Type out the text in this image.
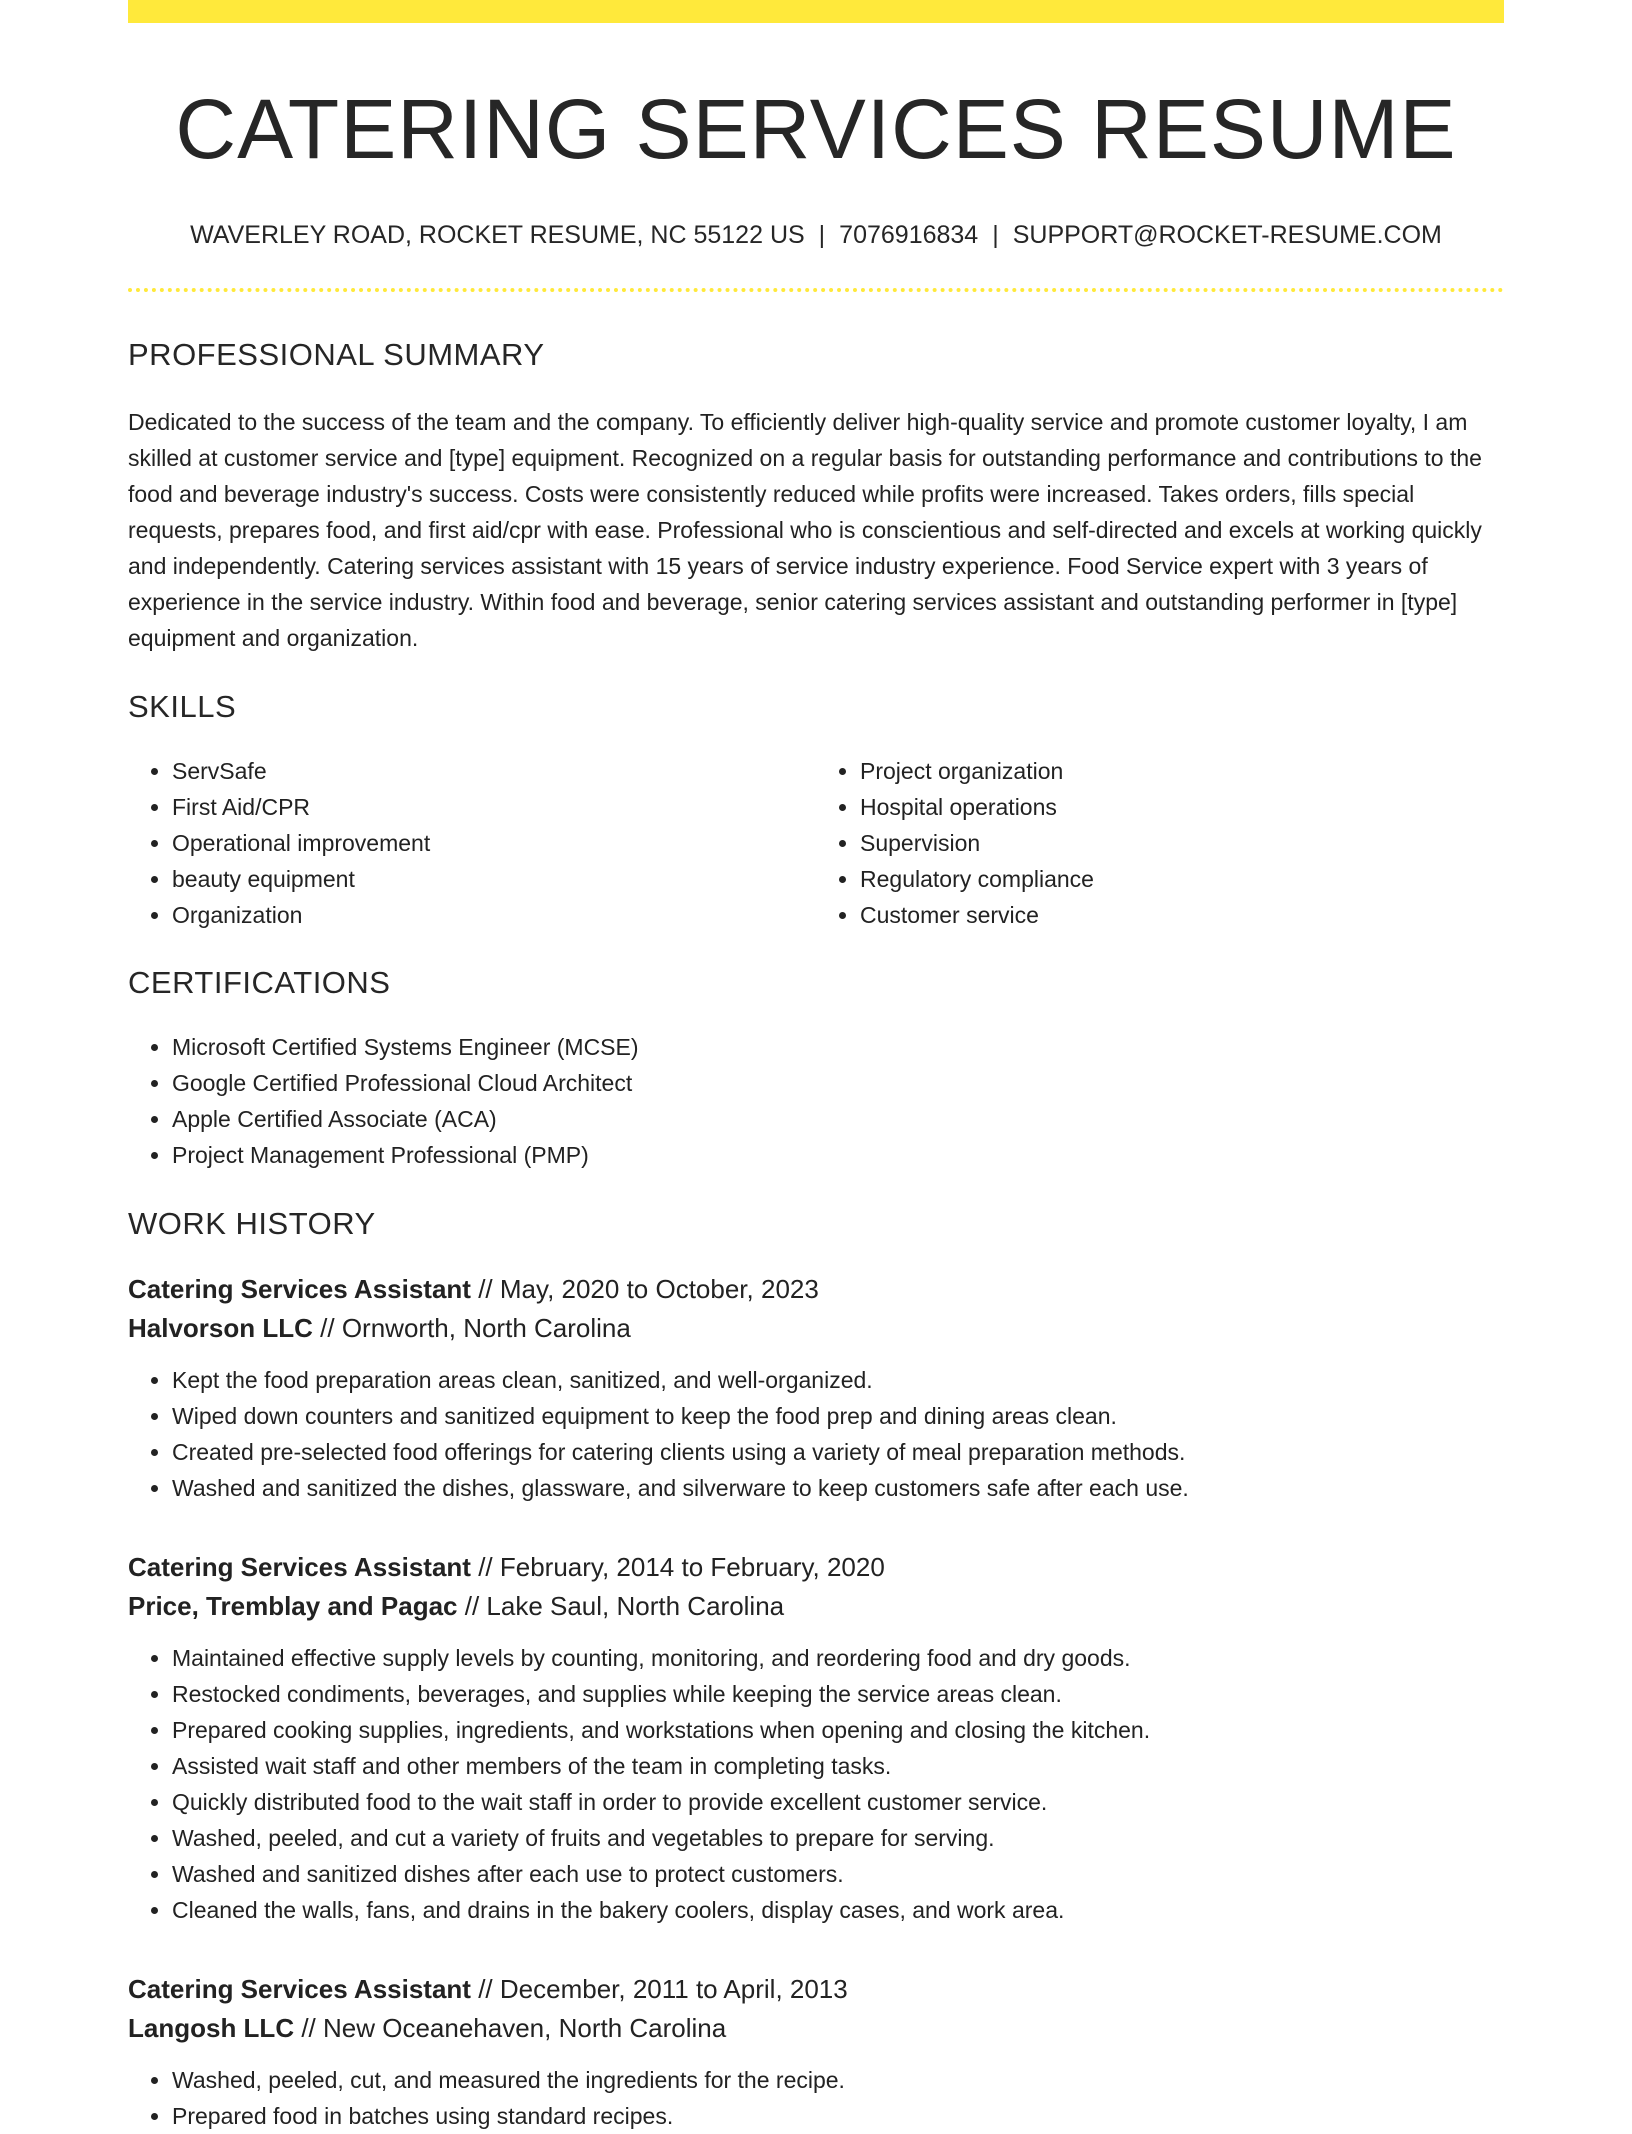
CATERING SERVICES RESUME
WAVERLEY ROAD, ROCKET RESUME, NC 55122 US | 7076916834 | SUPPORT@ROCKET-RESUME.COM
PROFESSIONAL SUMMARY

Dedicated to the success of the team and the company. To efficiently deliver high-quality service and promote customer loyalty, I am skilled at customer service and [type] equipment. Recognized on a regular basis for outstanding performance and contributions to the food and beverage industry's success. Costs were consistently reduced while profits were increased. Takes orders, fills special requests, prepares food, and first aid/cpr with ease. Professional who is conscientious and self-directed and excels at working quickly and independently. Catering services assistant with 15 years of service industry experience. Food Service expert with 3 years of experience in the service industry. Within food and beverage, senior catering services assistant and outstanding performer in [type] equipment and organization.

SKILLS
• ServSafe
• First Aid/CPR
• Operational improvement
• beauty equipment
• Organization
• Project organization
• Hospital operations
• Supervision
• Regulatory compliance
• Customer service
CERTIFICATIONS
• Microsoft Certified Systems Engineer (MCSE)
• Google Certified Professional Cloud Architect
• Apple Certified Associate (ACA)
• Project Management Professional (PMP)
WORK HISTORY
Catering Services Assistant // May, 2020 to October, 2023
Halvorson LLC // Ornworth, North Carolina
• Kept the food preparation areas clean, sanitized, and well-organized.
• Wiped down counters and sanitized equipment to keep the food prep and dining areas clean.
• Created pre-selected food offerings for catering clients using a variety of meal preparation methods.
• Washed and sanitized the dishes, glassware, and silverware to keep customers safe after each use.
Catering Services Assistant // February, 2014 to February, 2020
Price, Tremblay and Pagac // Lake Saul, North Carolina
• Maintained effective supply levels by counting, monitoring, and reordering food and dry goods.
• Restocked condiments, beverages, and supplies while keeping the service areas clean.
• Prepared cooking supplies, ingredients, and workstations when opening and closing the kitchen.
• Assisted wait staff and other members of the team in completing tasks.
• Quickly distributed food to the wait staff in order to provide excellent customer service.
• Washed, peeled, and cut a variety of fruits and vegetables to prepare for serving.
• Washed and sanitized dishes after each use to protect customers.
• Cleaned the walls, fans, and drains in the bakery coolers, display cases, and work area.
Catering Services Assistant // December, 2011 to April, 2013
Langosh LLC // New Oceanehaven, North Carolina
• Washed, peeled, cut, and measured the ingredients for the recipe.
• Prepared food in batches using standard recipes.
